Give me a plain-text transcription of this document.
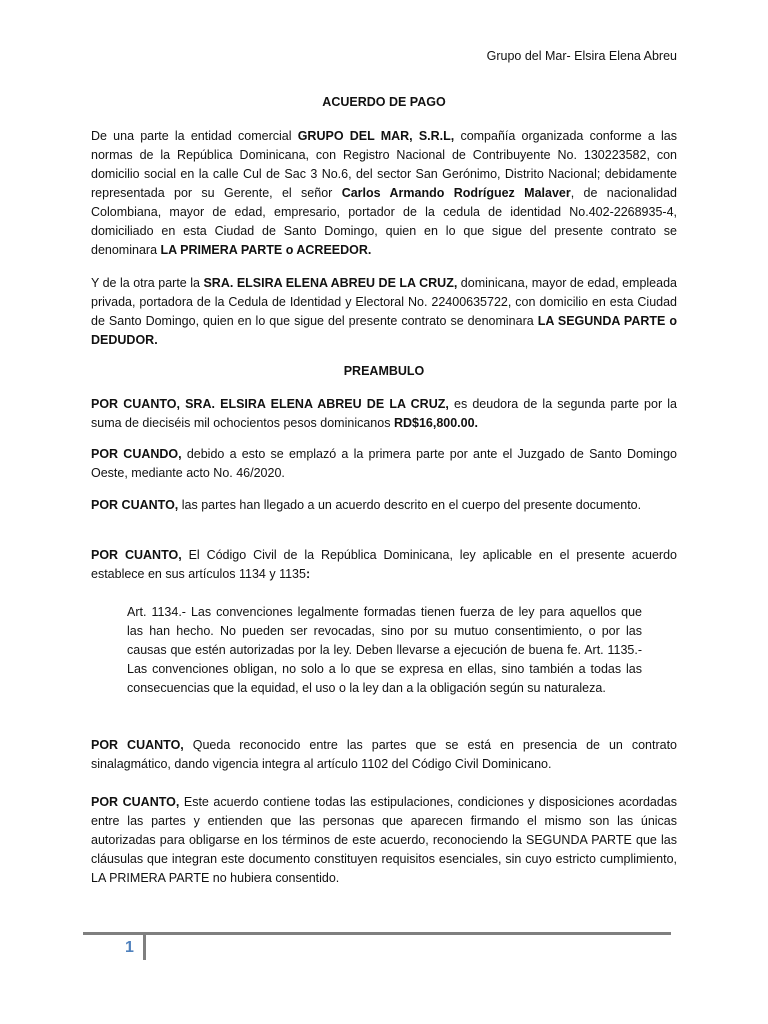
Grupo del Mar- Elsira Elena Abreu
ACUERDO DE PAGO

De una parte la entidad comercial GRUPO DEL MAR, S.R.L, compañía organizada conforme a las normas de la República Dominicana, con Registro Nacional de Contribuyente No. 130223582, con domicilio social en la calle Cul de Sac 3 No.6, del sector San Gerónimo, Distrito Nacional; debidamente representada por su Gerente, el señor Carlos Armando Rodríguez Malaver, de nacionalidad Colombiana, mayor de edad, empresario, portador de la cedula de identidad No.402-2268935-4, domiciliado en esta Ciudad de Santo Domingo, quien en lo que sigue del presente contrato se denominara LA PRIMERA PARTE o ACREEDOR.

Y de la otra parte la SRA. ELSIRA ELENA ABREU DE LA CRUZ, dominicana, mayor de edad, empleada privada, portadora de la Cedula de Identidad y Electoral No. 22400635722, con domicilio en esta Ciudad de Santo Domingo, quien en lo que sigue del presente contrato se denominara LA SEGUNDA PARTE o DEDUDOR.

PREAMBULO

POR CUANTO, SRA. ELSIRA ELENA ABREU DE LA CRUZ, es deudora de la segunda parte por la suma de dieciséis mil ochocientos pesos dominicanos RD$16,800.00.

POR CUANDO, debido a esto se emplazó a la primera parte por ante el Juzgado de Santo Domingo Oeste, mediante acto No. 46/2020.

POR CUANTO, las partes han llegado a un acuerdo descrito en el cuerpo del presente documento.

POR CUANTO, El Código Civil de la República Dominicana, ley aplicable en el presente acuerdo establece en sus artículos 1134 y 1135:

Art. 1134.- Las convenciones legalmente formadas tienen fuerza de ley para aquellos que las han hecho. No pueden ser revocadas, sino por su mutuo consentimiento, o por las causas que estén autorizadas por la ley. Deben llevarse a ejecución de buena fe. Art. 1135.- Las convenciones obligan, no solo a lo que se expresa en ellas, sino también a todas las consecuencias que la equidad, el uso o la ley dan a la obligación según su naturaleza.

POR CUANTO, Queda reconocido entre las partes que se está en presencia de un contrato sinalagmático, dando vigencia integra al artículo 1102 del Código Civil Dominicano.

POR CUANTO, Este acuerdo contiene todas las estipulaciones, condiciones y disposiciones acordadas entre las partes y entienden que las personas que aparecen firmando el mismo son las únicas autorizadas para obligarse en los términos de este acuerdo, reconociendo la SEGUNDA PARTE que las cláusulas que integran este documento constituyen requisitos esenciales, sin cuyo estricto cumplimiento, LA PRIMERA PARTE no hubiera consentido.

1
